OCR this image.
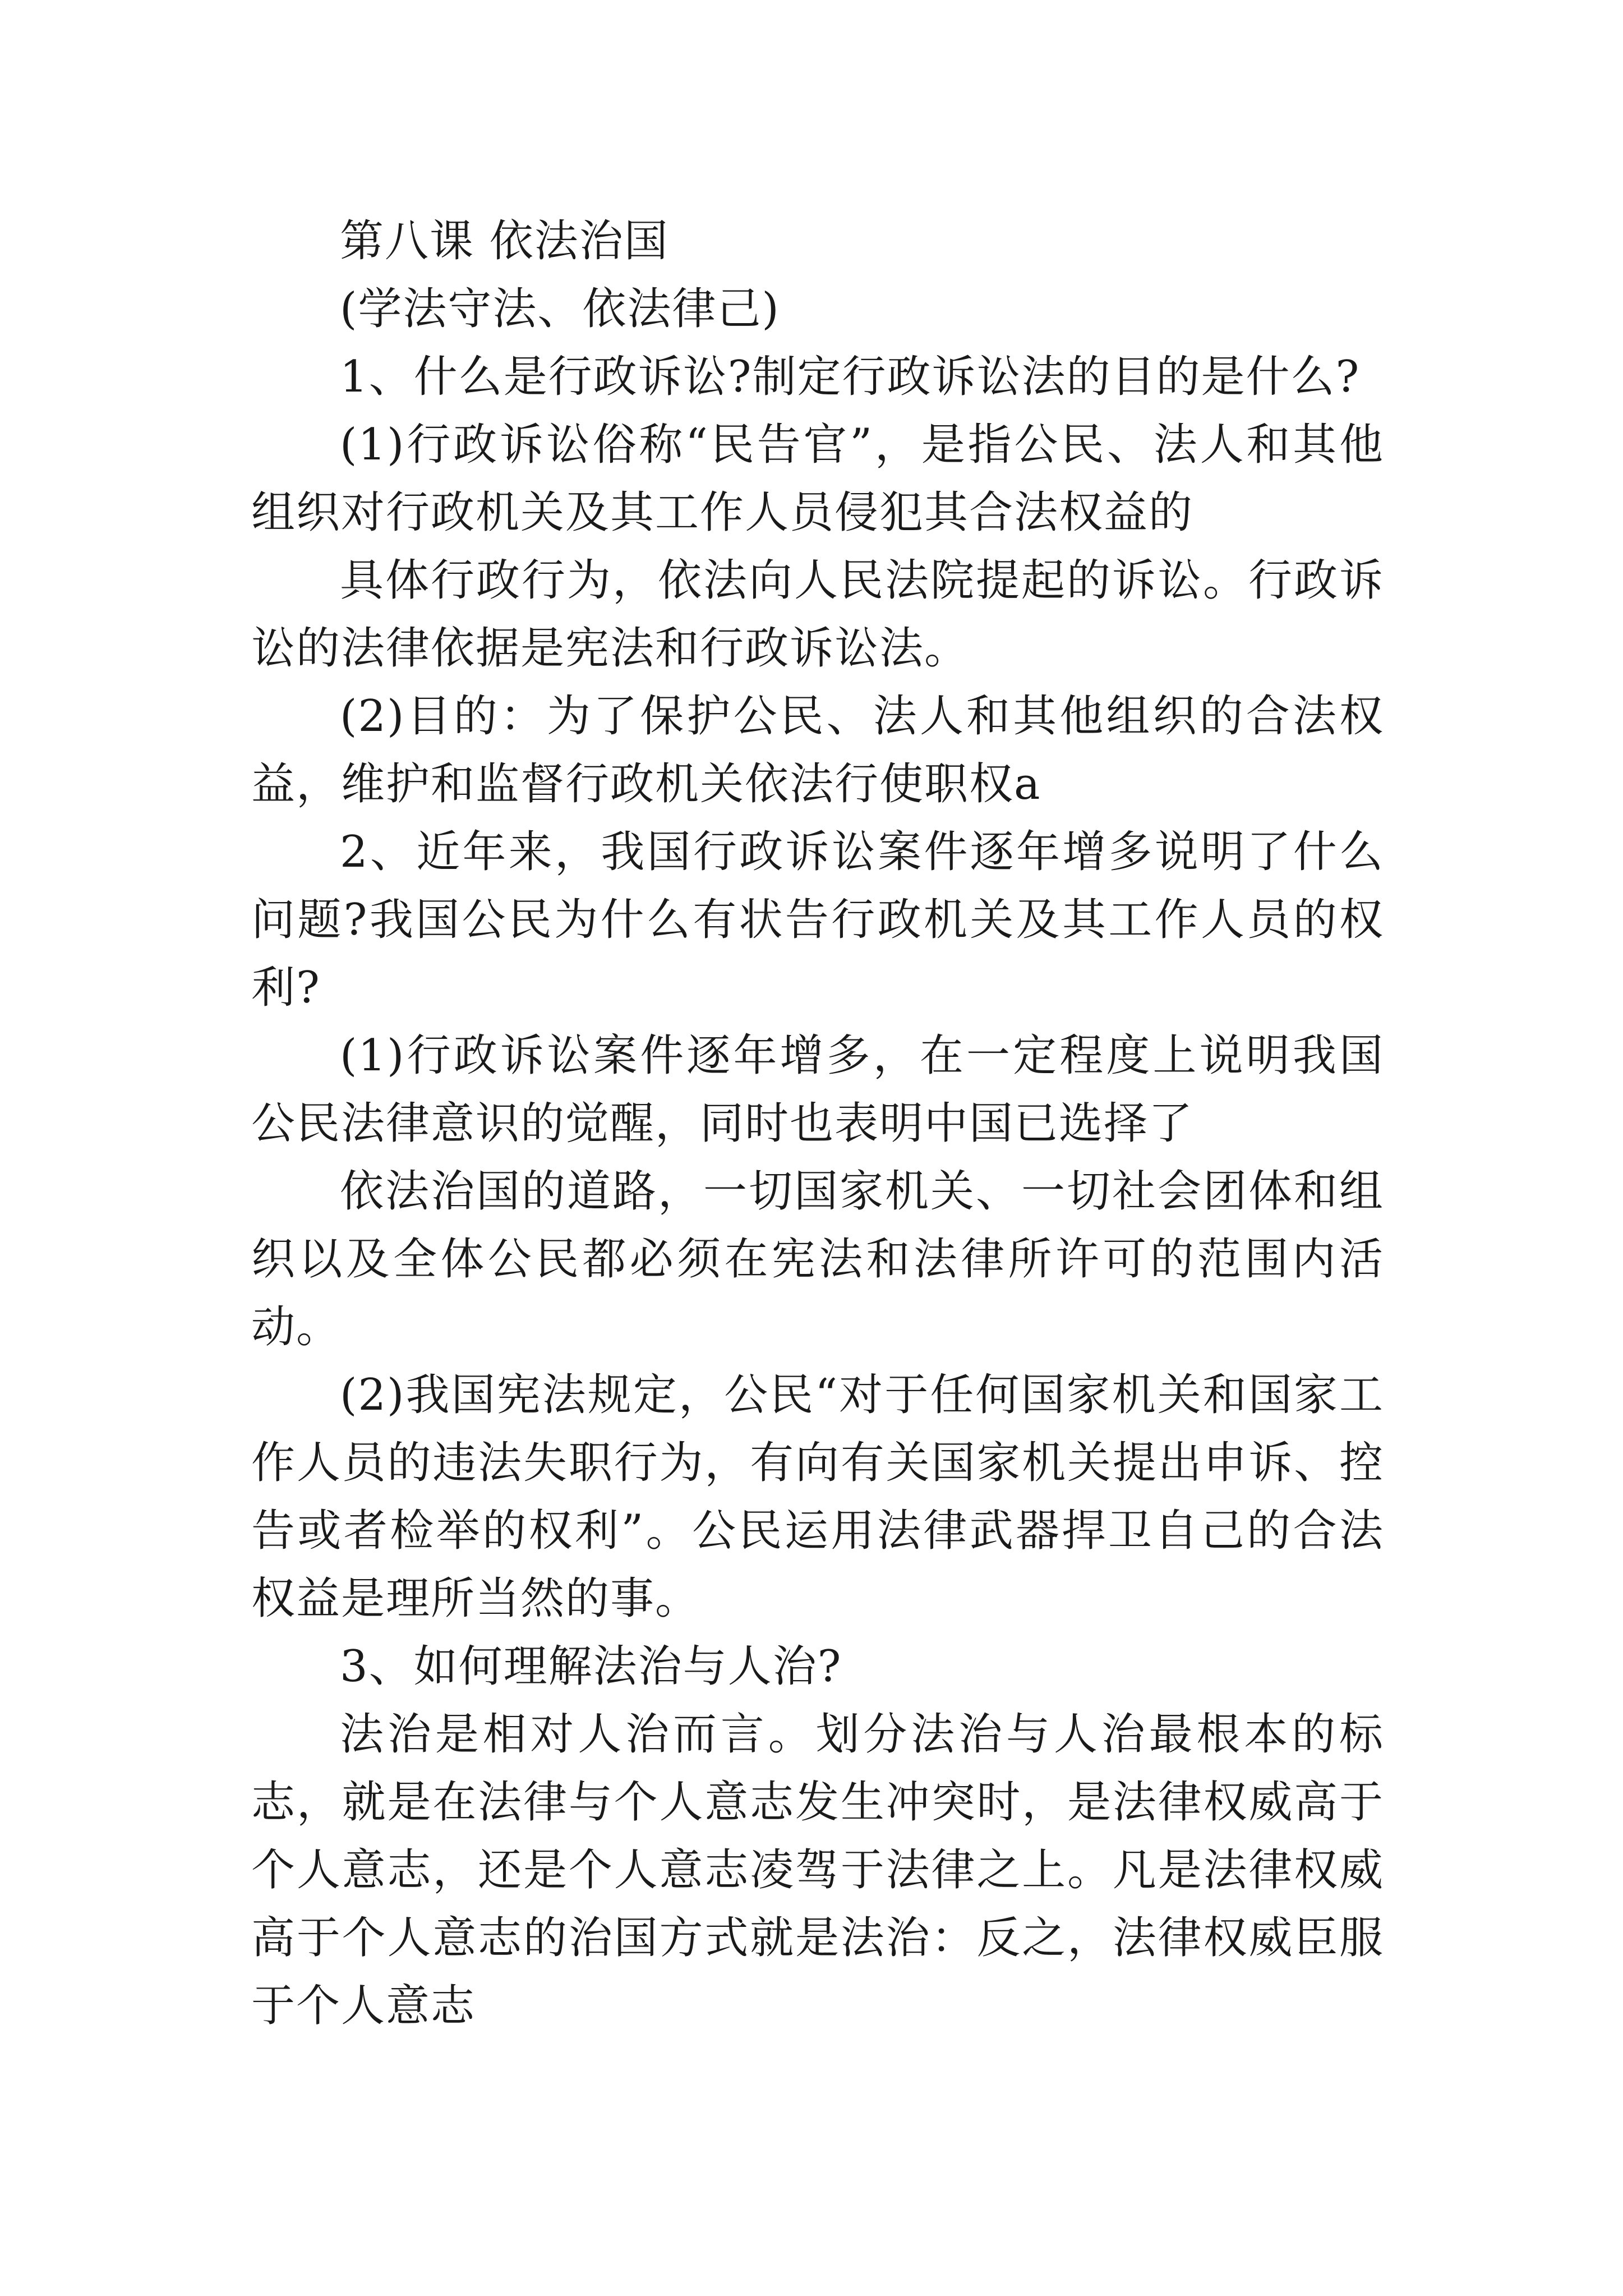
第八课 依法治国

(学法守法、依法律己)

1、什么是行政诉讼?制定行政诉讼法的目的是什么?

(1)行政诉讼俗称“民告官”，是指公民、法人和其他组织对行政机关及其工作人员侵犯其合法权益的

具体行政行为，依法向人民法院提起的诉讼。行政诉讼的法律依据是宪法和行政诉讼法。

(2)目的：为了保护公民、法人和其他组织的合法权益，维护和监督行政机关依法行使职权a

2、近年来，我国行政诉讼案件逐年增多说明了什么问题?我国公民为什么有状告行政机关及其工作人员的权利?

(1)行政诉讼案件逐年增多，在一定程度上说明我国公民法律意识的觉醒，同时也表明中国已选择了

依法治国的道路，一切国家机关、一切社会团体和组织以及全体公民都必须在宪法和法律所许可的范围内活动。

(2)我国宪法规定，公民“对于任何国家机关和国家工作人员的违法失职行为，有向有关国家机关提出申诉、控告或者检举的权利”。公民运用法律武器捍卫自己的合法权益是理所当然的事。

3、如何理解法治与人治?

法治是相对人治而言。划分法治与人治最根本的标志，就是在法律与个人意志发生冲突时，是法律权威高于个人意志，还是个人意志凌驾于法律之上。凡是法律权威高于个人意志的治国方式就是法治：反之，法律权威臣服于个人意志
